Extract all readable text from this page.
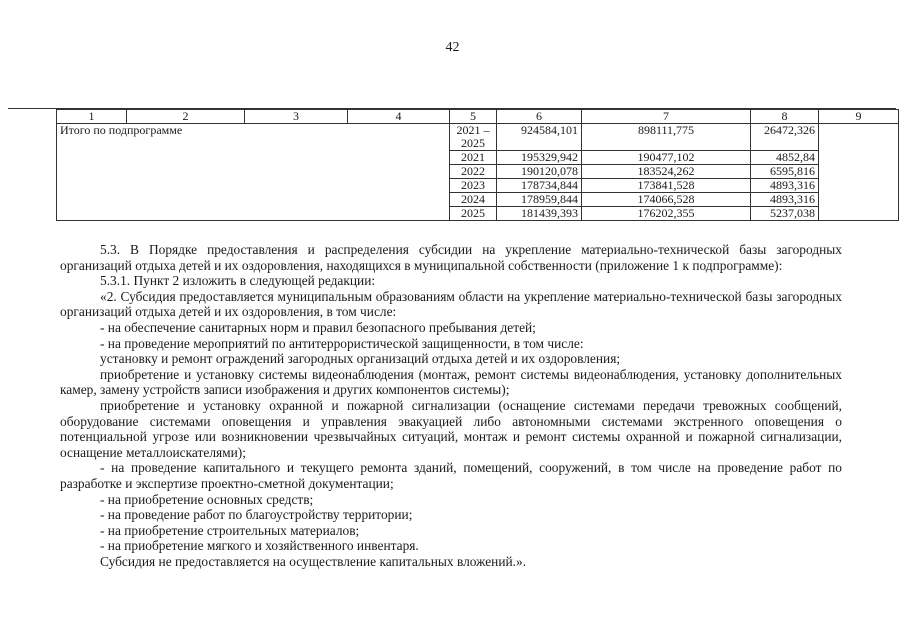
42
1	2	3	4	5	6	7	8	9
Итого по подпрограмме				2021 – 2025	924584,101	898111,775	26472,326	
				2021	195329,942	190477,102	4852,84	
				2022	190120,078	183524,262	6595,816	
				2023	178734,844	173841,528	4893,316	
				2024	178959,844	174066,528	4893,316	
				2025	181439,393	176202,355	5237,038	

5.3. В Порядке предоставления и распределения субсидии на укрепление материально-технической базы загородных организаций отдыха детей и их оздоровления, находящихся в муниципальной собственности (приложение 1 к подпрограмме):

5.3.1. Пункт 2 изложить в следующей редакции:

«2. Субсидия предоставляется муниципальным образованиям области на укрепление материально-технической базы загородных организаций отдыха детей и их оздоровления, в том числе:

- на обеспечение санитарных норм и правил безопасного пребывания детей;

- на проведение мероприятий по антитеррористической защищенности, в том числе:

установку и ремонт ограждений загородных организаций отдыха детей и их оздоровления;

приобретение и установку системы видеонаблюдения (монтаж, ремонт системы видеонаблюдения, установку дополнительных камер, замену устройств записи изображения и других компонентов системы);

приобретение и установку охранной и пожарной сигнализации (оснащение системами передачи тревожных сообщений, оборудование системами оповещения и управления эвакуацией либо автономными системами экстренного оповещения о потенциальной угрозе или возникновении чрезвычайных ситуаций, монтаж и ремонт системы охранной и пожарной сигнализации, оснащение металлоискателями);

- на проведение капитального и текущего ремонта зданий, помещений, сооружений, в том числе на проведение работ по разработке и экспертизе проектно-сметной документации;

- на приобретение основных средств;

- на проведение работ по благоустройству территории;

- на приобретение строительных материалов;

- на приобретение мягкого и хозяйственного инвентаря.

Субсидия не предоставляется на осуществление капитальных вложений.».
